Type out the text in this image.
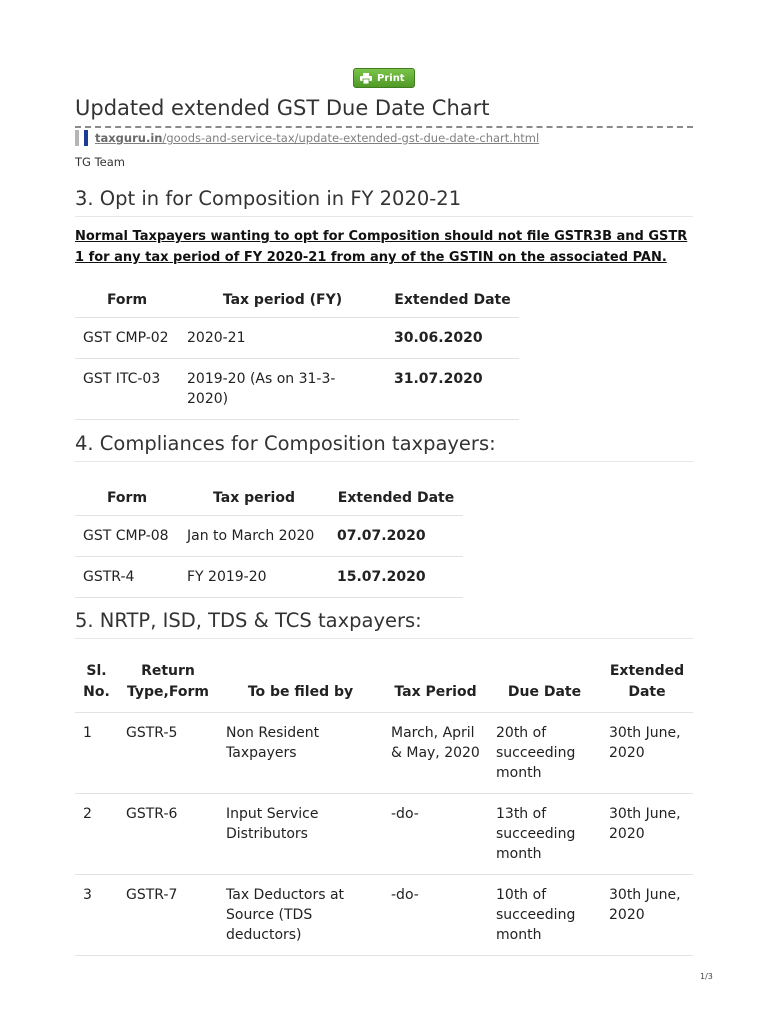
Print
Updated extended GST Due Date Chart
taxguru.in/goods-and-service-tax/update-extended-gst-due-date-chart.html
TG Team
3. Opt in for Composition in FY 2020-21

Normal Taxpayers wanting to opt for Composition should not file GSTR3B and GSTR 1 for any tax period of FY 2020-21 from any of the GSTIN on the associated PAN.

Form	Tax period (FY)	Extended Date
GST CMP-02	2020-21	30.06.2020
GST ITC-03	2019-20 (As on 31-3-2020)	31.07.2020
4. Compliances for Composition taxpayers:
Form	Tax period	Extended Date
GST CMP-08	Jan to March 2020	07.07.2020
GSTR-4	FY 2019-20	15.07.2020
5. NRTP, ISD, TDS & TCS taxpayers:
Sl. No.	Return Type,Form	To be filed by	Tax Period	Due Date	Extended Date
1	GSTR-5	Non Resident Taxpayers	March, April & May, 2020	20th of succeeding month	30th June, 2020
2	GSTR-6	Input Service Distributors	-do-	13th of succeeding month	30th June, 2020
3	GSTR-7	Tax Deductors at Source (TDS deductors)	-do-	10th of succeeding month	30th June, 2020
1/3
